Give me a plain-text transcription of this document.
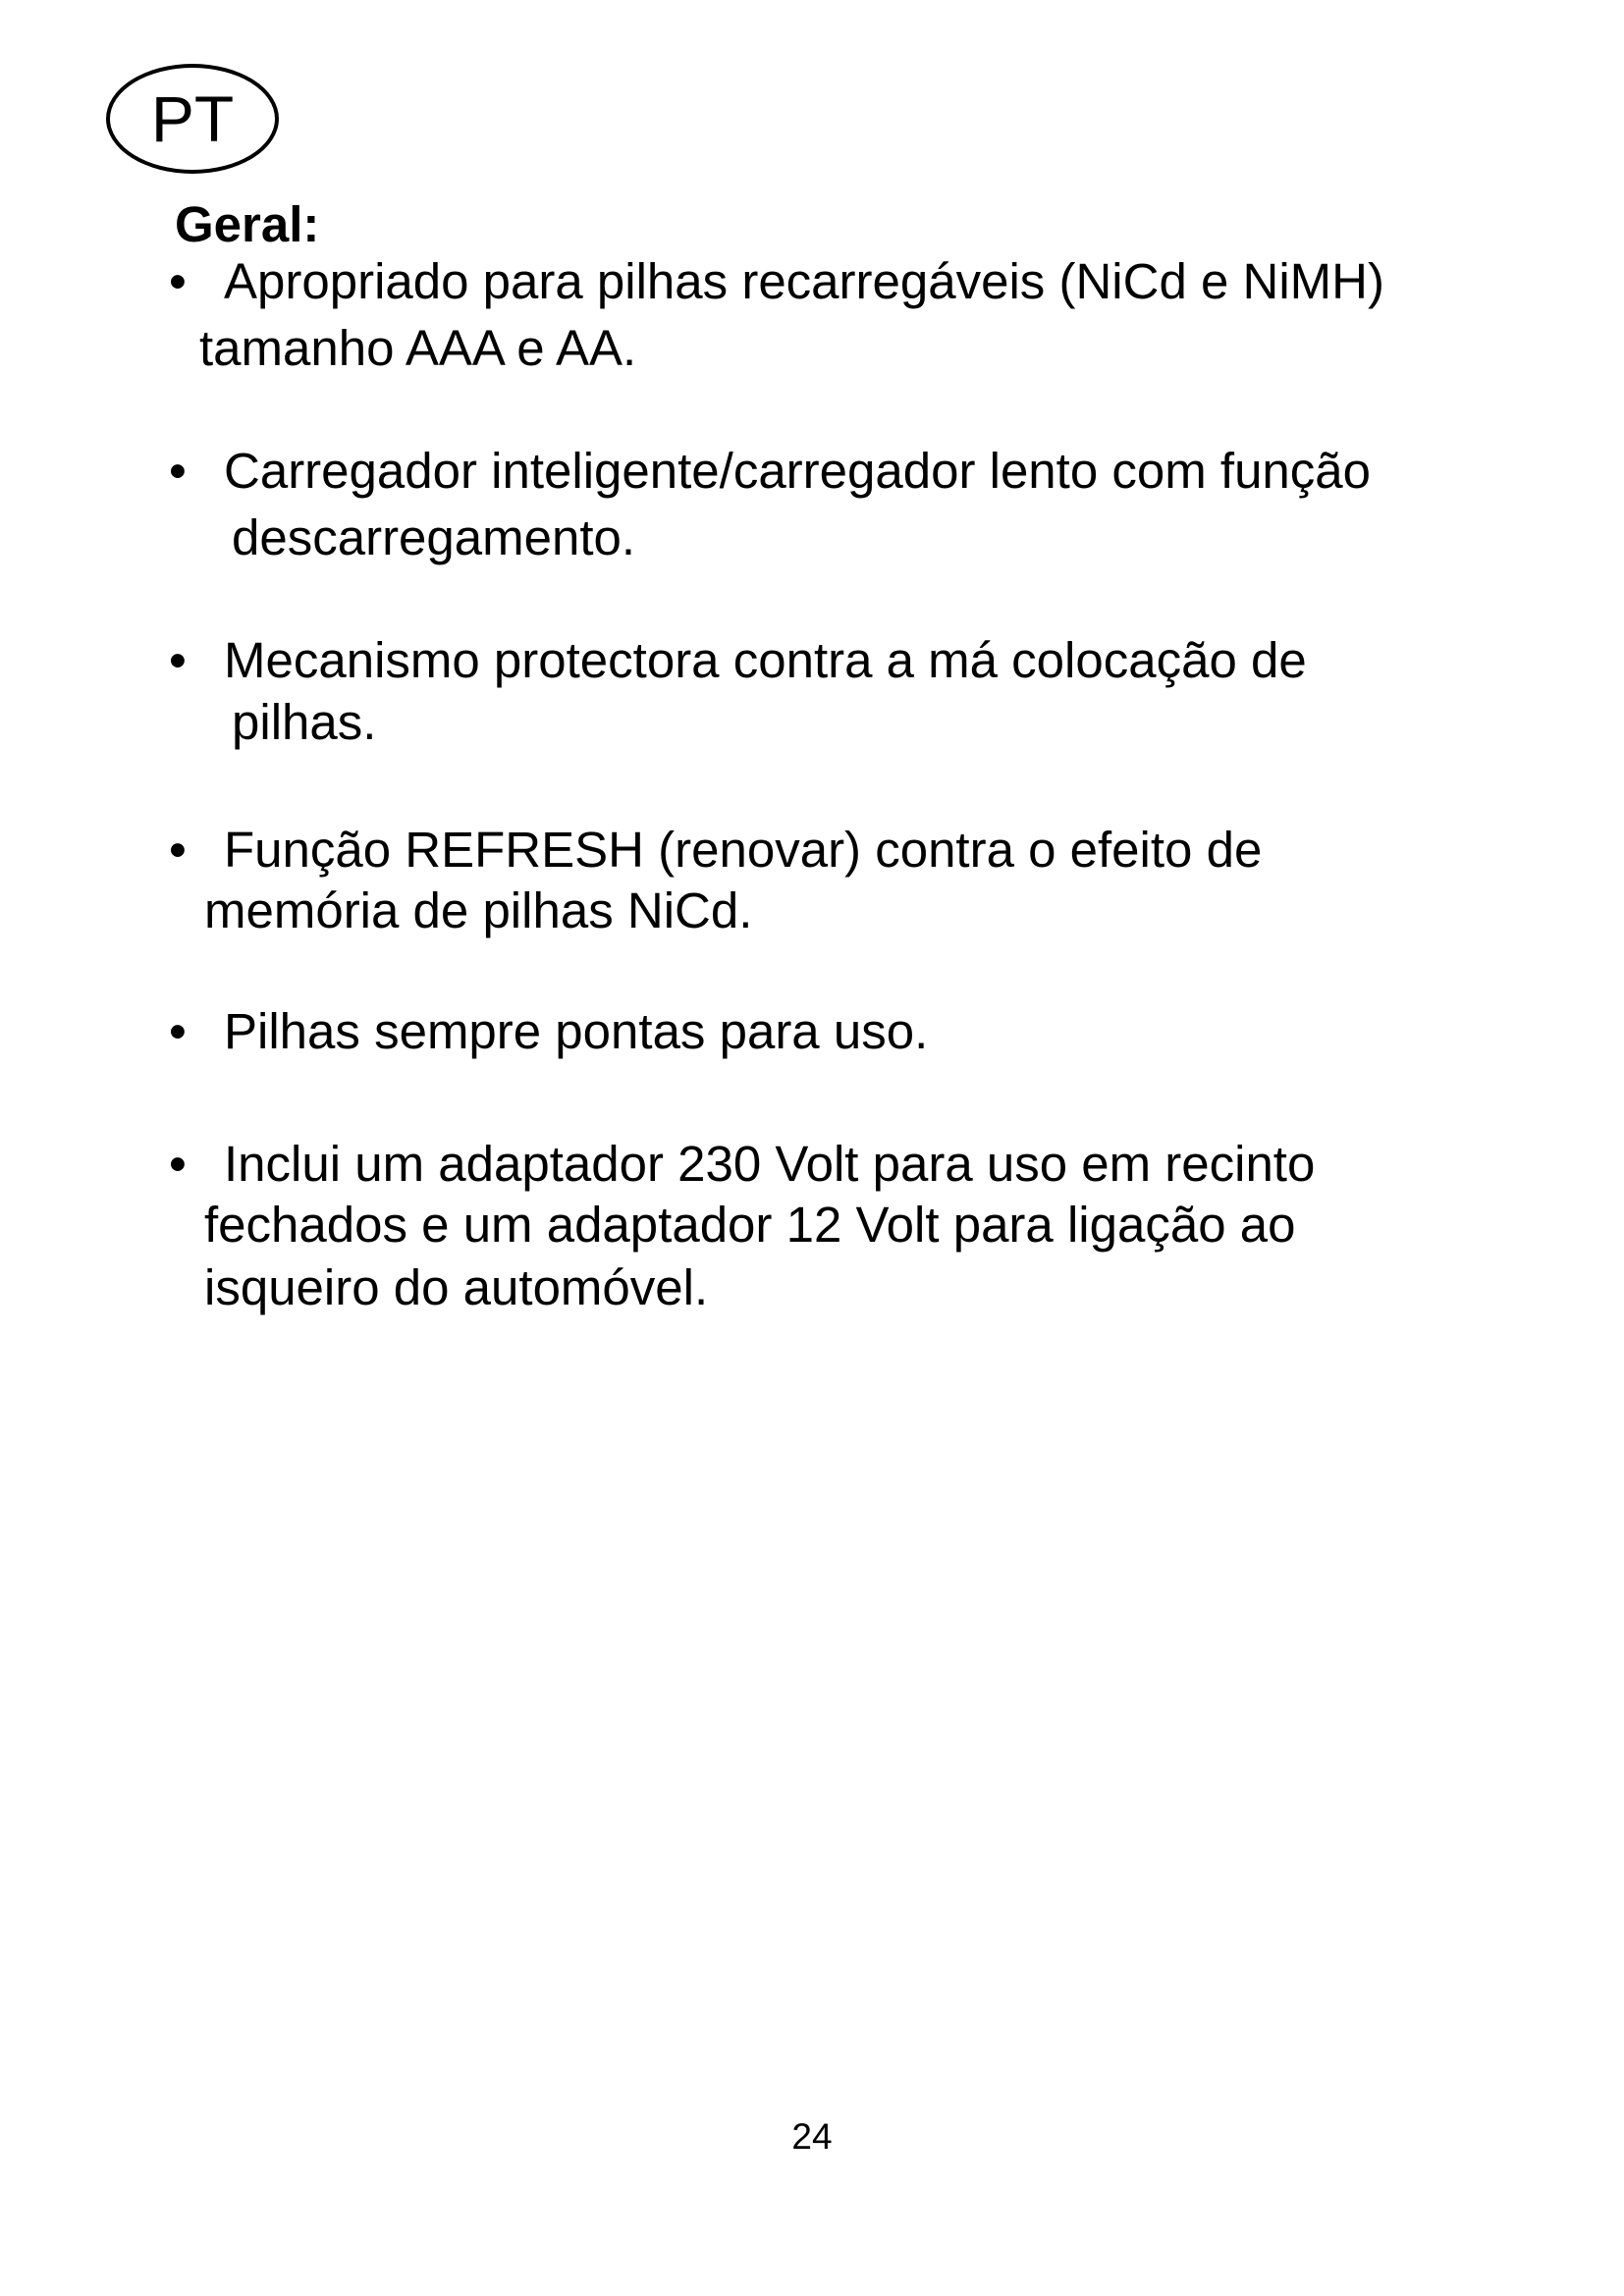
PT
Geral:
• Apropriado para pilhas recarregáveis (NiCd e NiMH)
tamanho AAA e AA.
• Carregador inteligente/carregador lento com função
descarregamento.
• Mecanismo protectora contra a má colocação de
pilhas.
• Função REFRESH (renovar) contra o efeito de
memória de pilhas NiCd.
• Pilhas sempre pontas para uso.
• Inclui um adaptador 230 Volt para uso em recinto
fechados e um adaptador 12 Volt para ligação ao
isqueiro do automóvel.
24
